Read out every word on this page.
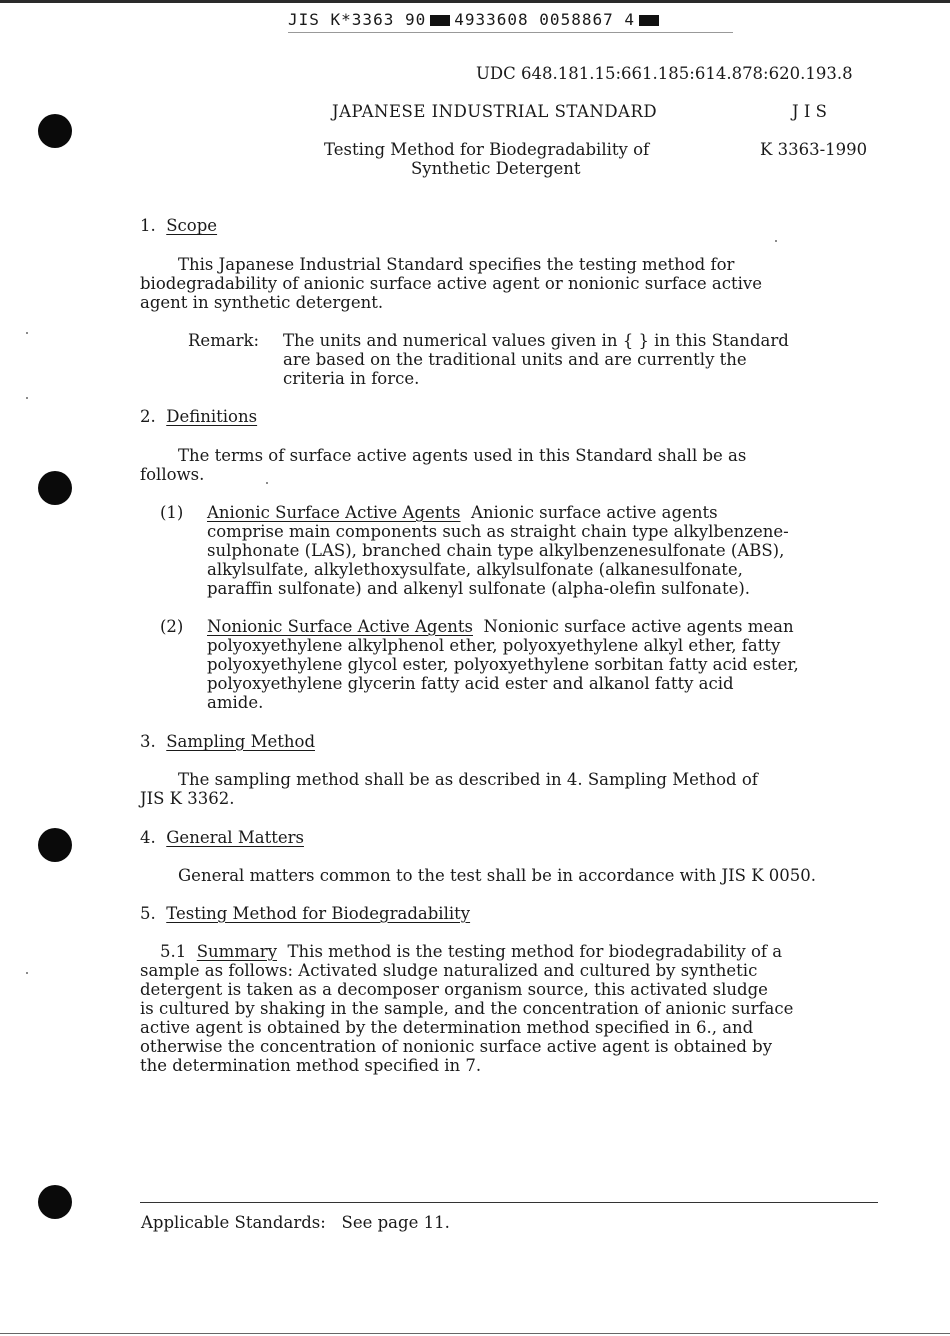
JIS K*3363 90 4933608 0058867 4
UDC 648.181.15:661.185:614.878:620.193.8
JAPANESE INDUSTRIAL STANDARD	J I S
Testing Method for Biodegradability of
Synthetic Detergent
K 3363-1990
1. Scope
This Japanese Industrial Standard specifies the testing method for
biodegradability of anionic surface active agent or nonionic surface active
agent in synthetic detergent.
Remark: The units and numerical values given in { } in this Standard
are based on the traditional units and are currently the
criteria in force.
2. Definitions
The terms of surface active agents used in this Standard shall be as
follows.
(1) Anionic Surface Active Agents Anionic surface active agents
comprise main components such as straight chain type alkylbenzene-
sulphonate (LAS), branched chain type alkylbenzenesulfonate (ABS),
alkylsulfate, alkylethoxysulfate, alkylsulfonate (alkanesulfonate,
paraffin sulfonate) and alkenyl sulfonate (alpha-olefin sulfonate).
(2) Nonionic Surface Active Agents Nonionic surface active agents mean
polyoxyethylene alkylphenol ether, polyoxyethylene alkyl ether, fatty
polyoxyethylene glycol ester, polyoxyethylene sorbitan fatty acid ester,
polyoxyethylene glycerin fatty acid ester and alkanol fatty acid
amide.
3. Sampling Method
The sampling method shall be as described in 4. Sampling Method of
JIS K 3362.
4. General Matters
General matters common to the test shall be in accordance with JIS K 0050.
5. Testing Method for Biodegradability
5.1 Summary This method is the testing method for biodegradability of a
sample as follows: Activated sludge naturalized and cultured by synthetic
detergent is taken as a decomposer organism source, this activated sludge
is cultured by shaking in the sample, and the concentration of anionic surface
active agent is obtained by the determination method specified in 6., and
otherwise the concentration of nonionic surface active agent is obtained by
the determination method specified in 7.
Applicable Standards: See page 11.
